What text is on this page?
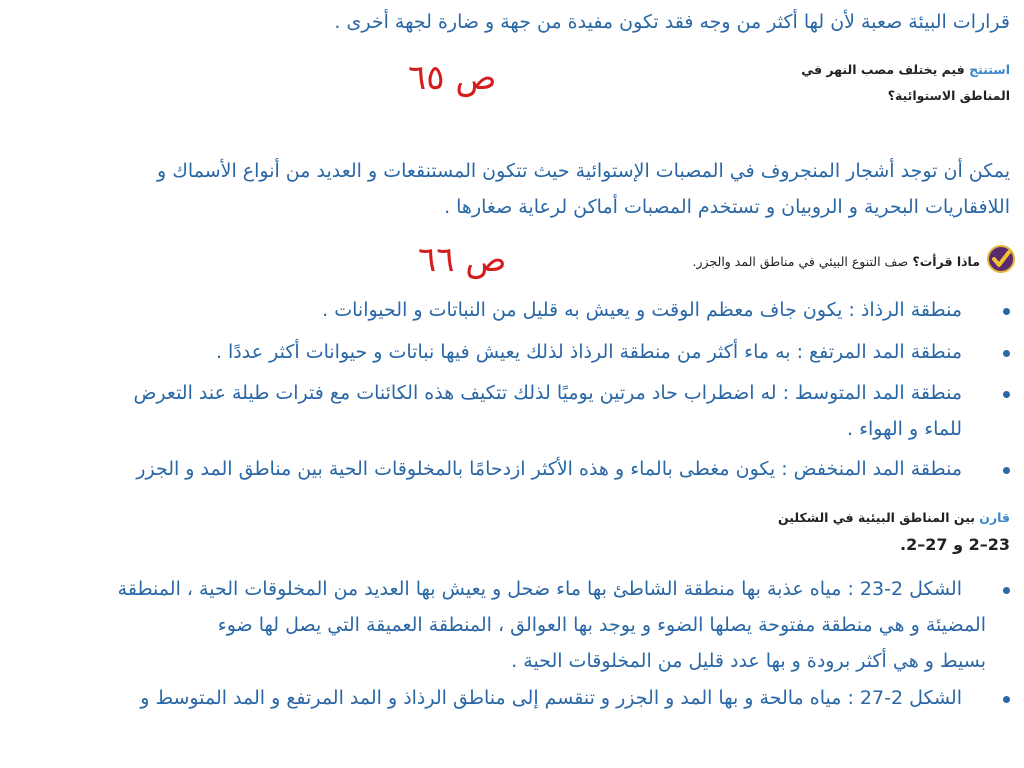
قرارات البيئة صعبة لأن لها أكثر من وجه فقد تكون مفيدة من جهة و ضارة لجهة أخرى .
استنتج فيم يختلف مصب النهر في
المناطق الاستوائية؟
ص ٦٥
يمكن أن توجد أشجار المنجروف في المصبات الإستوائية حيث تتكون المستنقعات و العديد من أنواع الأسماك و
اللافقاريات البحرية و الروبيان و تستخدم المصبات أماكن لرعاية صغارها .
ماذا قرأت؟ صف التنوع البيئي في مناطق المد والجزر.
ص ٦٦
منطقة الرذاذ : يكون جاف معظم الوقت و يعيش به قليل من النباتات و الحيوانات .
منطقة المد المرتفع : به ماء أكثر من منطقة الرذاذ لذلك يعيش فيها نباتات و حيوانات أكثر عددًا .
منطقة المد المتوسط : له اضطراب حاد مرتين يوميًا لذلك تتكيف هذه الكائنات مع فترات طيلة عند التعرض
للماء و الهواء .
منطقة المد المنخفض : يكون مغطى بالماء و هذه الأكثر ازدحامًا بالمخلوقات الحية بين مناطق المد و الجزر
قارن بين المناطق البيئية في الشكلين
23–2 و 27–2.
الشكل 2-23 : مياه عذبة بها منطقة الشاطئ بها ماء ضحل و يعيش بها العديد من المخلوقات الحية ، المنطقة
المضيئة و هي منطقة مفتوحة يصلها الضوء و يوجد بها العوالق ، المنطقة العميقة التي يصل لها ضوء
بسيط و هي أكثر برودة و بها عدد قليل من المخلوقات الحية .
الشكل 2-27 : مياه مالحة و بها المد و الجزر و تنقسم إلى مناطق الرذاذ و المد المرتفع و المد المتوسط و
